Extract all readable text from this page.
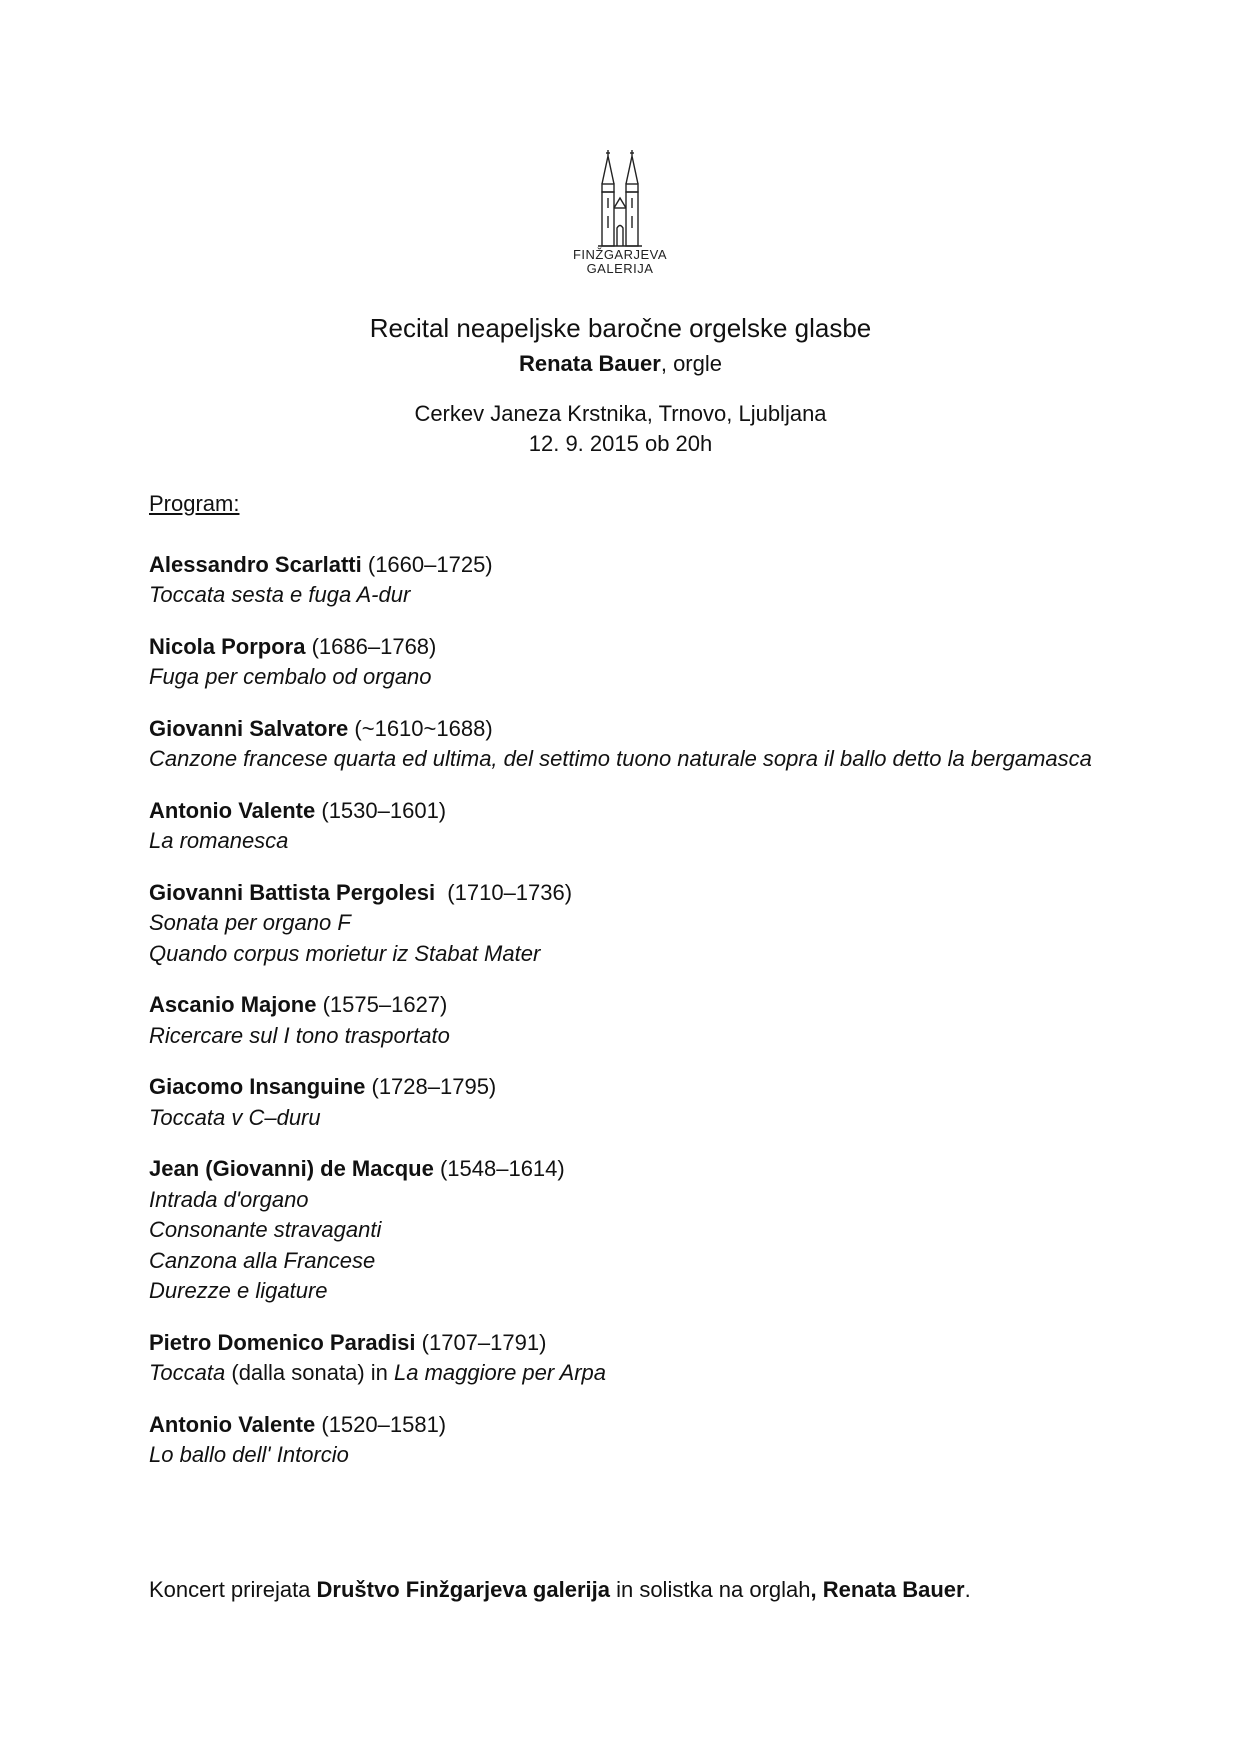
FINŽGARJEVA
GALERIJA
Recital neapeljske baročne orgelske glasbe
Renata Bauer, orgle
Cerkev Janeza Krstnika, Trnovo, Ljubljana
12. 9. 2015 ob 20h
Program:
Alessandro Scarlatti (1660–1725)
Toccata sesta e fuga A-dur
Nicola Porpora (1686–1768)
Fuga per cembalo od organo
Giovanni Salvatore (~1610~1688)
Canzone francese quarta ed ultima, del settimo tuono naturale sopra il ballo detto la bergamasca
Antonio Valente (1530–1601)
La romanesca
Giovanni Battista Pergolesi  (1710–1736)
Sonata per organo F
Quando corpus morietur iz Stabat Mater
Ascanio Majone (1575–1627)
Ricercare sul I tono trasportato
Giacomo Insanguine (1728–1795)
Toccata v C–duru
Jean (Giovanni) de Macque (1548–1614)
Intrada d'organo
Consonante stravaganti
Canzona alla Francese
Durezze e ligature
Pietro Domenico Paradisi (1707–1791)
Toccata (dalla sonata) in La maggiore per Arpa
Antonio Valente (1520–1581)
Lo ballo dell' Intorcio
Koncert prirejata Društvo Finžgarjeva galerija in solistka na orglah, Renata Bauer.
